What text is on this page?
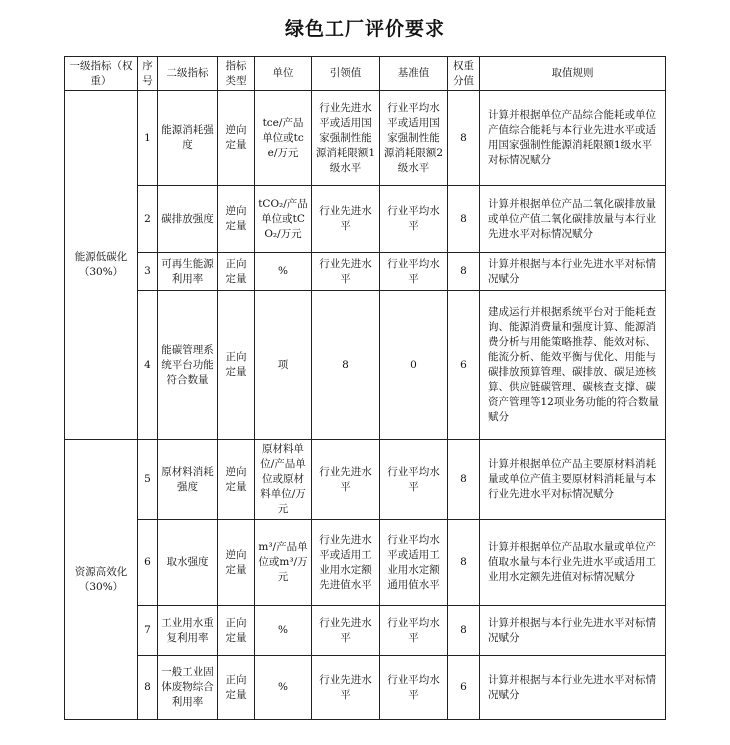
绿色工厂评价要求
一级指标（权重）	序号	二级指标	指标类型	单位	引领值	基准值	权重分值	取值规则
能源低碳化（30%）	1	能源消耗强度	逆向定量	tce/产品单位或tce/万元	行业先进水平或适用国家强制性能源消耗限额1级水平	行业平均水平或适用国家强制性能源消耗限额2级水平	8	计算并根据单位产品综合能耗或单位产值综合能耗与本行业先进水平或适用国家强制性能源消耗限额1级水平对标情况赋分
	2	碳排放强度	逆向定量	tCO₂/产品单位或tCO₂/万元	行业先进水平	行业平均水平	8	计算并根据单位产品二氧化碳排放量或单位产值二氧化碳排放量与本行业先进水平对标情况赋分
	3	可再生能源利用率	正向定量	%	行业先进水平	行业平均水平	8	计算并根据与本行业先进水平对标情况赋分
	4	能碳管理系统平台功能符合数量	正向定量	项	8	0	6	建成运行并根据系统平台对于能耗查询、能源消费量和强度计算、能源消费分析与用能策略推荐、能效对标、能流分析、能效平衡与优化、用能与碳排放预算管理、碳排放、碳足迹核算、供应链碳管理、碳核查支撑、碳资产管理等12项业务功能的符合数量赋分
资源高效化（30%）	5	原材料消耗强度	逆向定量	原材料单位/产品单位或原材料单位/万元	行业先进水平	行业平均水平	8	计算并根据单位产品主要原材料消耗量或单位产值主要原材料消耗量与本行业先进水平对标情况赋分
	6	取水强度	逆向定量	m³/产品单位或m³/万元	行业先进水平或适用工业用水定额先进值水平	行业平均水平或适用工业用水定额通用值水平	8	计算并根据单位产品取水量或单位产值取水量与本行业先进水平或适用工业用水定额先进值对标情况赋分
	7	工业用水重复利用率	正向定量	%	行业先进水平	行业平均水平	8	计算并根据与本行业先进水平对标情况赋分
	8	一般工业固体废物综合利用率	正向定量	%	行业先进水平	行业平均水平	6	计算并根据与本行业先进水平对标情况赋分
